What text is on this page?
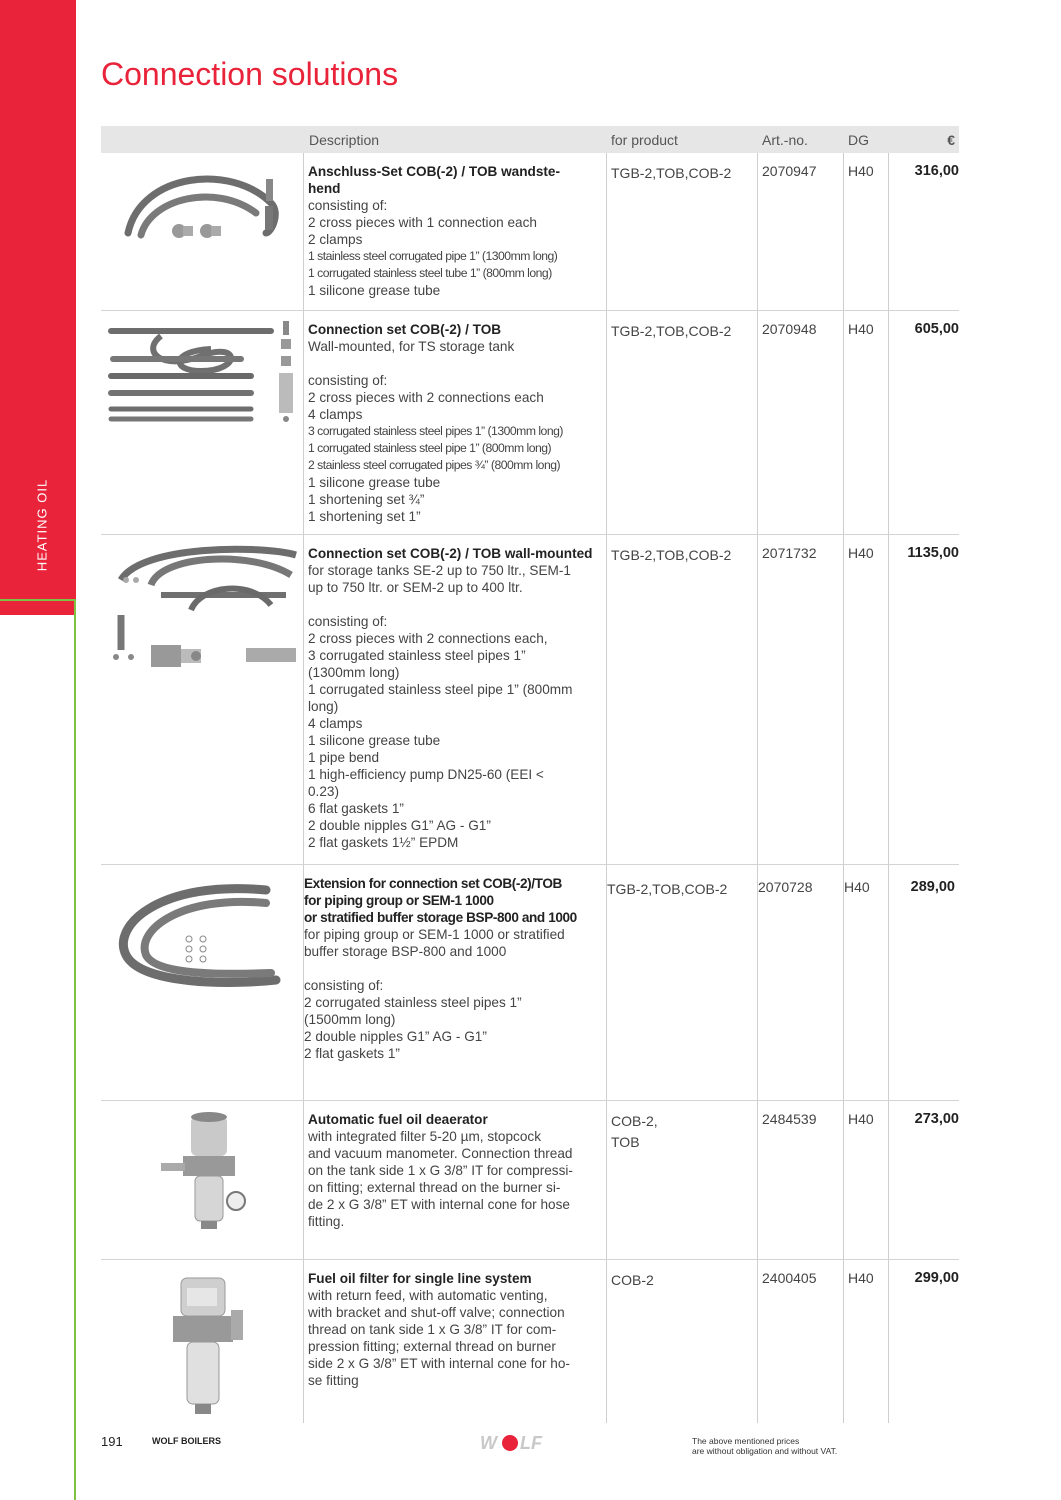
HEATING OIL
Connection solutions
Description	for product	Art.-no.	DG	€
Anschluss-Set COB(-2) / TOB wandste-
hend
consisting of:
2 cross pieces with 1 connection each
2 clamps
1 stainless steel corrugated pipe 1” (1300mm long)
1 corrugated stainless steel tube 1” (800mm long)
1 silicone grease tube
TGB-2,TOB,COB-2 2070947 H40	316,00
Connection set COB(-2) / TOB
Wall-mounted, for TS storage tank
consisting of:
2 cross pieces with 2 connections each
4 clamps
3 corrugated stainless steel pipes 1” (1300mm long)
1 corrugated stainless steel pipe 1” (800mm long)
2 stainless steel corrugated pipes ¾” (800mm long)
1 silicone grease tube
1 shortening set ¾”
1 shortening set 1”
TGB-2,TOB,COB-2 2070948 H40	605,00
Connection set COB(-2) / TOB wall-mounted
for storage tanks SE-2 up to 750 ltr., SEM-1
up to 750 ltr. or SEM-2 up to 400 ltr.
consisting of:
2 cross pieces with 2 connections each,
3 corrugated stainless steel pipes 1”
(1300mm long)
1 corrugated stainless steel pipe 1” (800mm
long)
4 clamps
1 silicone grease tube
1 pipe bend
1 high-efficiency pump DN25-60 (EEI <
0.23)
6 flat gaskets 1”
2 double nipples G1” AG - G1”
2 flat gaskets 1½” EPDM
TGB-2,TOB,COB-2 2071732 H40 1135,00
Extension for connection set COB(-2)/TOB
for piping group or SEM-1 1000
or stratified buffer storage BSP-800 and 1000
for piping group or SEM-1 1000 or stratified
buffer storage BSP-800 and 1000
consisting of:
2 corrugated stainless steel pipes 1”
(1500mm long)
2 double nipples G1” AG - G1”
2 flat gaskets 1”
TGB-2,TOB,COB-2 2070728 H40	289,00
Automatic fuel oil deaerator
with integrated filter 5-20 µm, stopcock
and vacuum manometer. Connection thread
on the tank side 1 x G 3/8” IT for compressi-
on fitting; external thread on the burner si-
de 2 x G 3/8” ET with internal cone for hose
fitting.
COB-2,
TOB
2484539 H40	273,00
Fuel oil filter for single line system
with return feed, with automatic venting,
with bracket and shut-off valve; connection
thread on tank side 1 x G 3/8” IT for com-
pression fitting; external thread on burner
side 2 x G 3/8” ET with internal cone for ho-
se fitting
COB-2	2400405 H40	299,00
191	WOLF BOILERS	W LF	The above mentioned prices
are without obligation and without VAT.
